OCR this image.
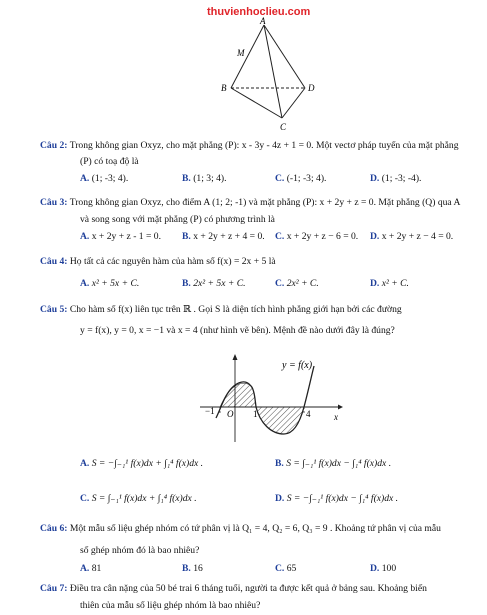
thuvienhoclieu.com
A
B
C
D
M
Câu 2: Trong không gian Oxyz, cho mặt phẳng (P): x - 3y - 4z + 1 = 0. Một vectơ pháp tuyến của mặt phẳng
(P) có toạ độ là
A. (1; -3; 4).	B. (1; 3; 4).	C. (-1; -3; 4).	D. (1; -3; -4).
Câu 3: Trong không gian Oxyz, cho điểm A (1; 2; -1) và mặt phẳng (P): x + 2y + z = 0. Mặt phẳng (Q) qua A
và song song với mặt phẳng (P) có phương trình là
A. x + 2y + z - 1 = 0. B. x + 2y + z + 4 = 0. C. x + 2y + z − 6 = 0. D. x + 2y + z − 4 = 0.
Câu 4: Họ tất cả các nguyên hàm của hàm số f(x) = 2x + 5 là
A. x² + 5x + C.	B. 2x² + 5x + C.	C. 2x² + C.	D. x² + C.
Câu 5: Cho hàm số f(x) liên tục trên ℝ . Gọi S là diện tích hình phẳng giới hạn bởi các đường
y = f(x), y = 0, x = −1 và x = 4 (như hình vẽ bên). Mệnh đề nào dưới đây là đúng?
y = f(x)
x
O
−1	1	4
A. S = −∫₋₁¹ f(x)dx + ∫₁⁴ f(x)dx .	B. S = ∫₋₁¹ f(x)dx − ∫₁⁴ f(x)dx .
C. S = ∫₋₁¹ f(x)dx + ∫₁⁴ f(x)dx .	D. S = −∫₋₁¹ f(x)dx − ∫₁⁴ f(x)dx .
Câu 6: Một mẫu số liệu ghép nhóm có tứ phân vị là Q₁ = 4, Q₂ = 6, Q₃ = 9 . Khoảng tứ phân vị của mẫu
số ghép nhóm đó là bao nhiêu?
A. 81	B. 16	C. 65	D. 100
Câu 7: Điều tra cân nặng của 50 bé trai 6 tháng tuổi, người ta được kết quả ở bảng sau. Khoảng biến
thiên của mẫu số liệu ghép nhóm là bao nhiêu?
